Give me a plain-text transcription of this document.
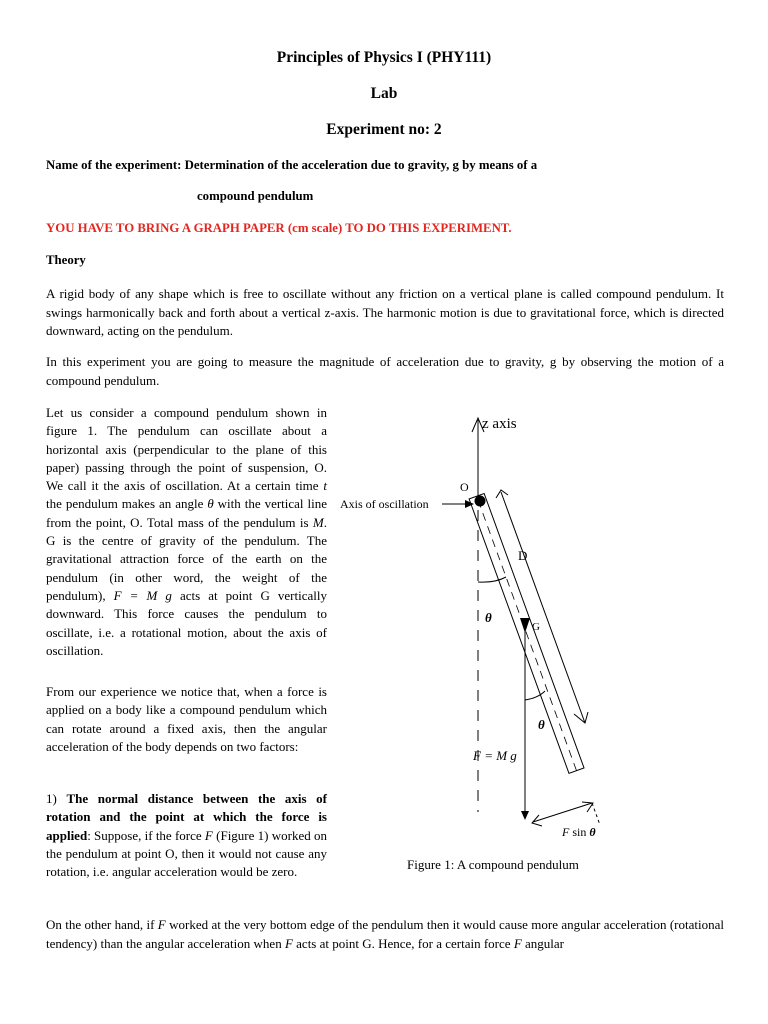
Principles of Physics I (PHY111)
Lab
Experiment no: 2
Name of the experiment: Determination of the acceleration due to gravity, g by means of a
compound pendulum
YOU HAVE TO BRING A GRAPH PAPER (cm scale) TO DO THIS EXPERIMENT.
Theory
A rigid body of any shape which is free to oscillate without any friction on a vertical plane is called compound pendulum. It swings harmonically back and forth about a vertical z-axis. The harmonic motion is due to gravitational force, which is directed downward, acting on the pendulum.
In this experiment you are going to measure the magnitude of acceleration due to gravity, g by observing the motion of a compound pendulum.
Let us consider a compound pendulum shown in figure 1. The pendulum can oscillate about a horizontal axis (perpendicular to the plane of this paper) passing through the point of suspension, O. We call it the axis of oscillation. At a certain time t the pendulum makes an angle θ with the vertical line from the point, O. Total mass of the pendulum is M. G is the centre of gravity of the pendulum. The gravitational attraction force of the earth on the pendulum (in other word, the weight of the pendulum), F = M g acts at point G vertically downward. This force causes the pendulum to oscillate, i.e. a rotational motion, about the axis of oscillation.
From our experience we notice that, when a force is applied on a body like a compound pendulum which can rotate around a fixed axis, then the angular acceleration of the body depends on two factors:
1) The normal distance between the axis of rotation and the point at which the force is applied: Suppose, if the force F (Figure 1) worked on the pendulum at point O, then it would not cause any rotation, i.e. angular acceleration would be zero.
z axis
O
Axis of oscillation
D
G
θ
θ
F = M g
F sin θ
Figure 1: A compound pendulum
On the other hand, if F worked at the very bottom edge of the pendulum then it would cause more angular acceleration (rotational tendency) than the angular acceleration when F acts at point G. Hence, for a certain force F angular
